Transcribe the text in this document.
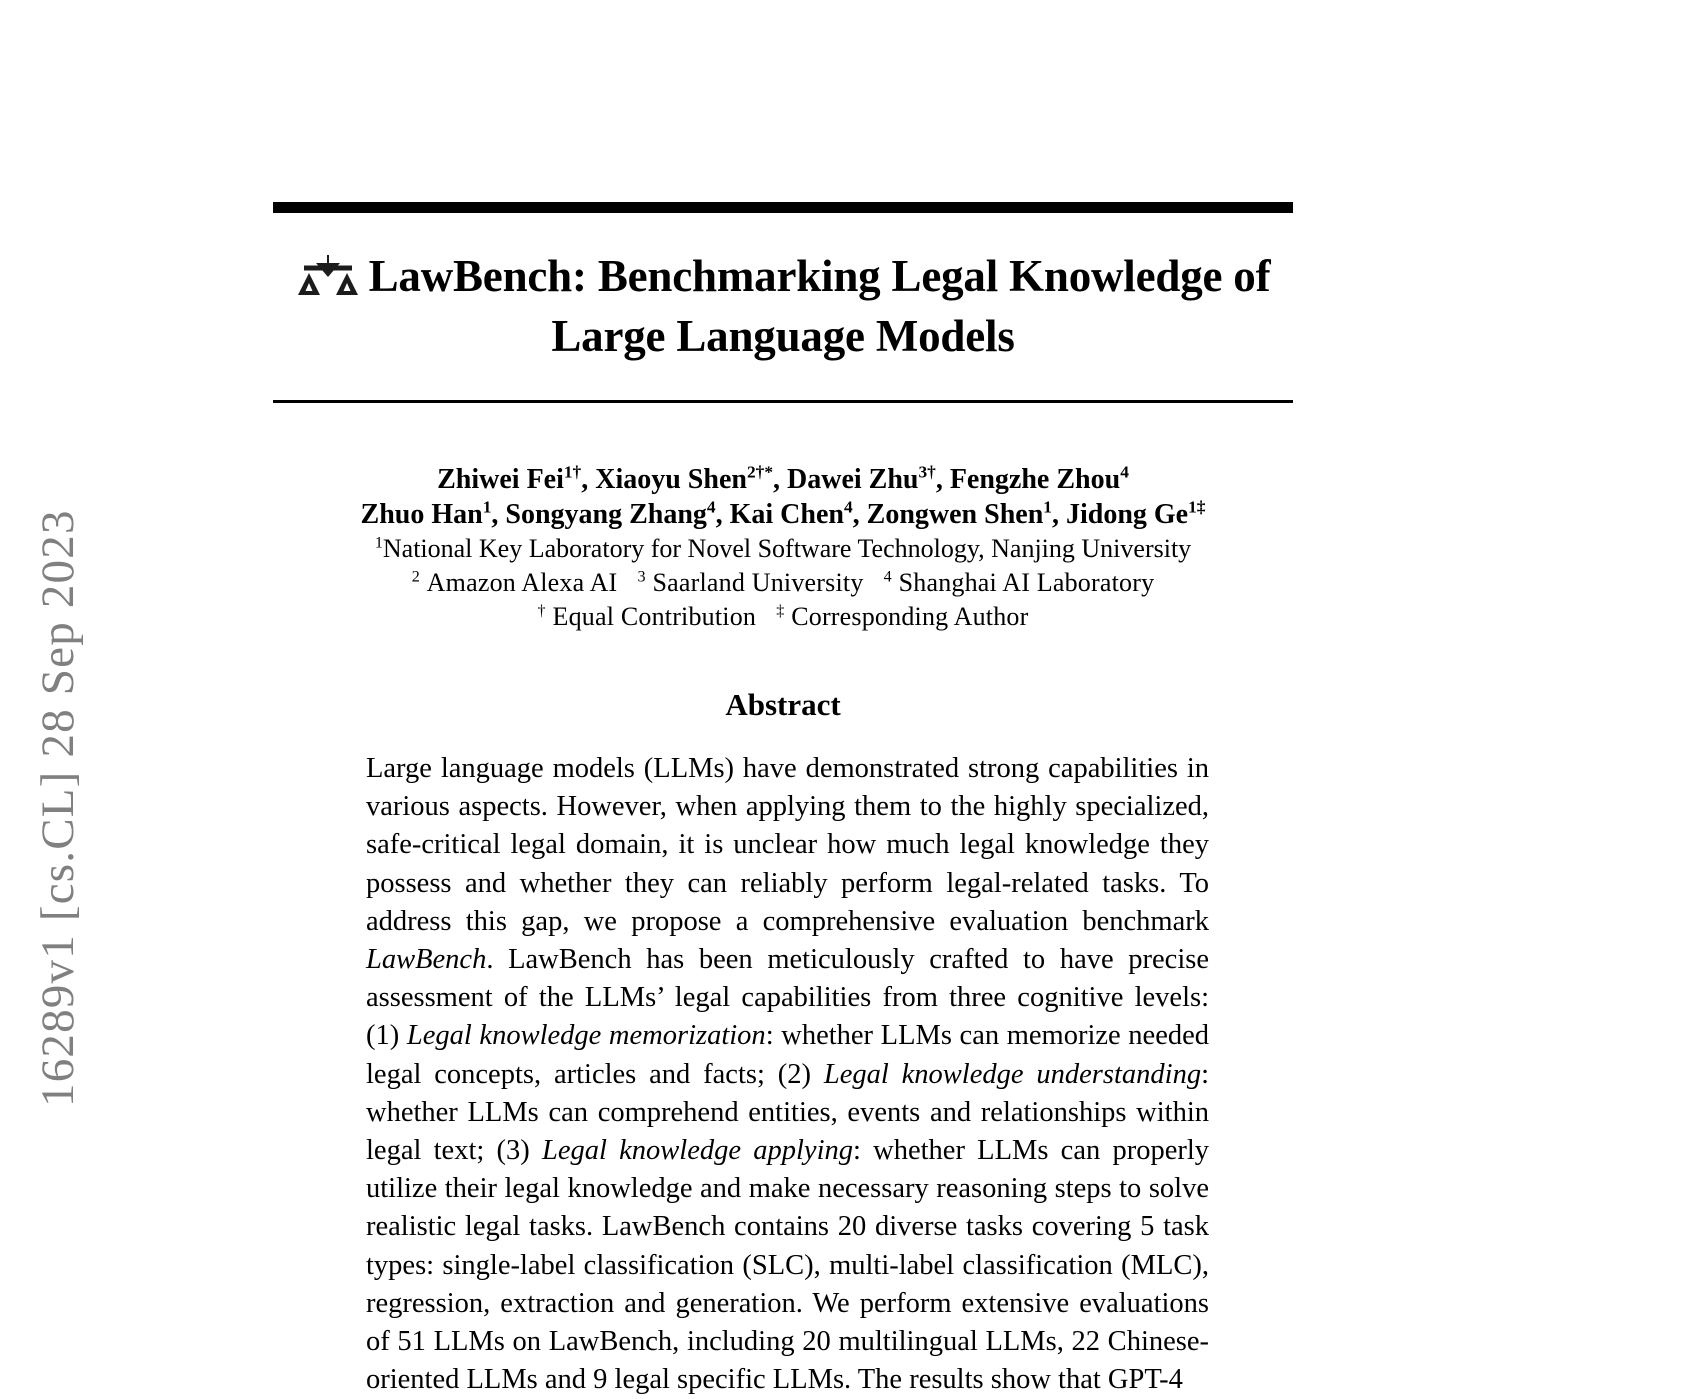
16289v1 [cs.CL] 28 Sep 2023
LawBench: Benchmarking Legal Knowledge of
Large Language Models
Zhiwei Fei$^{1\dagger}$, Xiaoyu Shen$^{2\dagger*}$, Dawei Zhu$^{3\dagger}$, Fengzhe Zhou$^4$
Zhuo Han$^1$, Songyang Zhang$^4$, Kai Chen$^4$, Zongwen Shen$^1$, Jidong $Ge^{1\ddagger}$
$^1$National Key Laboratory for Novel Software Technology, Nanjing University
$^2$ Amazon Alexa AI $^3$ Saarland University $^4$ Shanghai AI Laboratory
† Equal Contribution ‡ Corresponding Author
Abstract
Large language models (LLMs) have demonstrated strong capabilities in various aspects. However, when applying them to the highly specialized, safe-critical legal domain, it is unclear how much legal knowledge they possess and whether they can reliably perform legal-related tasks. To address this gap, we propose a comprehensive evaluation benchmark LawBench. LawBench has been meticulously crafted to have precise assessment of the LLMs’ legal capabilities from three cognitive levels: (1) Legal knowledge memorization: whether LLMs can memorize needed legal concepts, articles and facts; (2) Legal knowledge understanding: whether LLMs can comprehend entities, events and relationships within legal text; (3) Legal knowledge applying: whether LLMs can properly utilize their legal knowledge and make necessary reasoning steps to solve realistic legal tasks. LawBench contains 20 diverse tasks covering 5 task types: single-label classification (SLC), multi-label classification (MLC), regression, extraction and generation. We perform extensive evaluations of 51 LLMs on LawBench, including 20 multilingual LLMs, 22 Chinese-oriented LLMs and 9 legal specific LLMs. The results show that GPT-4
